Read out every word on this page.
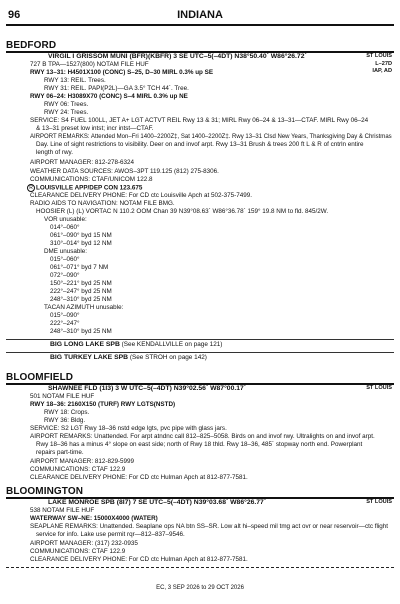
96	INDIANA
BEDFORD
ST LOUIS
L–27D
IAP, AD
VIRGIL I GRISSOM MUNI (BFR)(KBFR) 3 SE UTC–5(–4DT) N38°50.40´ W86°26.72´
727 B TPA—1527(800) NOTAM FILE HUF
RWY 13–31: H4501X100 (CONC) S–25, D–30 MIRL 0.3% up SE
RWY 13: REIL. Trees.
RWY 31: REIL. PAPI(P2L)—GA 3.5° TCH 44´. Tree.
RWY 06–24: H3089X70 (CONC) S–4 MIRL 0.3% up NE
RWY 06: Trees.
RWY 24: Trees.
SERVICE: S4 FUEL 100LL, JET A+ LGT ACTVT REIL Rwy 13 & 31; MIRL Rwy 06–24 & 13–31—CTAF. MIRL Rwy 06–24
& 13–31 preset low intst; incr intst—CTAF.
AIRPORT REMARKS: Attended Mon–Fri 1400–2200Z‡, Sat 1400–2200Z‡. Rwy 13–31 Clsd New Years, Thanksgiving Day & Christmas
Day. Line of sight restrictions to visibility. Deer on and invof arpt. Rwy 13–31 Brush & trees 200 ft L & R of cntrln entire
length of rwy.
AIRPORT MANAGER: 812-278-6324
WEATHER DATA SOURCES: AWOS–3PT 119.125 (812) 275-8306.
COMMUNICATIONS: CTAF/UNICOM 122.8
R LOUISVILLE APP/DEP CON 123.675
CLEARANCE DELIVERY PHONE: For CD ctc Louisville Apch at 502-375-7499.
RADIO AIDS TO NAVIGATION: NOTAM FILE BMG.
HOOSIER (L) (L) VORTAC N 110.2 OOM Chan 39 N39°08.63´ W86°36.78´ 159° 19.8 NM to fld. 845/2W.
VOR unusable:
014°–060°
061°–090° byd 15 NM
310°–014° byd 12 NM
DME unusable:
015°–060°
061°–071° byd 7 NM
072°–090°
150°–221° byd 25 NM
222°–247° byd 25 NM
248°–310° byd 25 NM
TACAN AZIMUTH unusable:
015°–090°
222°–247°
248°–310° byd 25 NM
BIG LONG LAKE SPB (See KENDALLVILLE on page 121)
BIG TURKEY LAKE SPB (See STROH on page 142)
BLOOMFIELD
ST LOUIS
SHAWNEE FLD (1I3) 3 W UTC–5(–4DT) N39°02.56´ W87°00.17´
501 NOTAM FILE HUF
RWY 18–36: 2160X150 (TURF) RWY LGTS(NSTD)
RWY 18: Crops.
RWY 36: Bldg.
SERVICE: S2 LGT Rwy 18–36 nstd edge lgts, pvc pipe with glass jars.
AIRPORT REMARKS: Unattended. For arpt atndnc call 812–825–5058. Birds on and invof rwy. Ultralights on and invof arpt.
Rwy 18–36 has a minus 4° slope on east side; north of Rwy 18 thld. Rwy 18–36, 485´ stopway north end. Powerplant
repairs part-time.
AIRPORT MANAGER: 812-829-5999
COMMUNICATIONS: CTAF 122.9
CLEARANCE DELIVERY PHONE: For CD ctc Hulman Apch at 812-877-7581.
BLOOMINGTON
ST LOUIS
LAKE MONROE SPB (8I7) 7 SE UTC–5(–4DT) N39°03.68´ W86°26.77´
538 NOTAM FILE HUF
WATERWAY SW–NE: 15000X4000 (WATER)
SEAPLANE REMARKS: Unattended. Seaplane ops NA btn SS–SR. Low alt hi–speed mil tmg act ovr or near reservoir—ctc flight
service for info. Lake use permit rqr—812–837–9546.
AIRPORT MANAGER: (317) 232-0935
COMMUNICATIONS: CTAF 122.9
CLEARANCE DELIVERY PHONE: For CD ctc Hulman Apch at 812-877-7581.
EC, 3 SEP 2026 to 29 OCT 2026
